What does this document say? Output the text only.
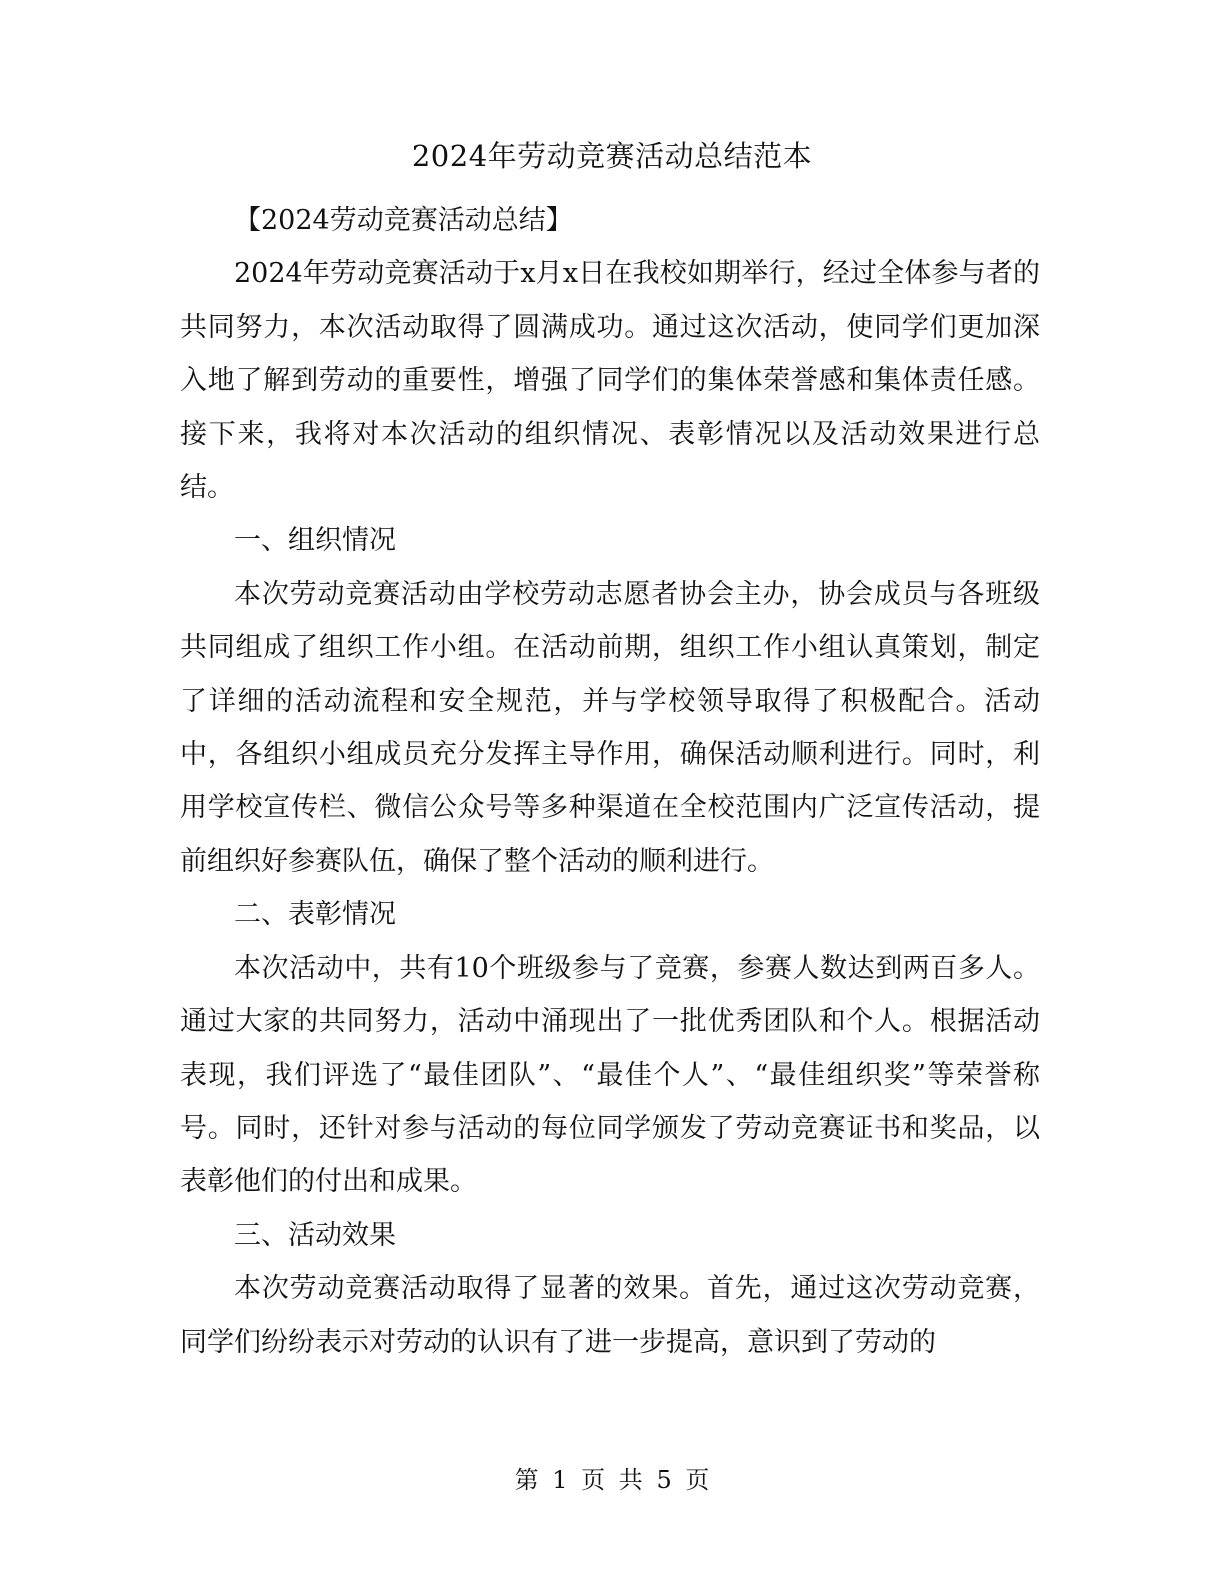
2024年劳动竞赛活动总结范本

【2024劳动竞赛活动总结】

2024年劳动竞赛活动于x月x日在我校如期举行，经过全体参与者的共同努力，本次活动取得了圆满成功。通过这次活动，使同学们更加深入地了解到劳动的重要性，增强了同学们的集体荣誉感和集体责任感。接下来，我将对本次活动的组织情况、表彰情况以及活动效果进行总结。

一、组织情况

本次劳动竞赛活动由学校劳动志愿者协会主办，协会成员与各班级共同组成了组织工作小组。在活动前期，组织工作小组认真策划，制定了详细的活动流程和安全规范，并与学校领导取得了积极配合。活动中，各组织小组成员充分发挥主导作用，确保活动顺利进行。同时，利用学校宣传栏、微信公众号等多种渠道在全校范围内广泛宣传活动，提前组织好参赛队伍，确保了整个活动的顺利进行。

二、表彰情况

本次活动中，共有10个班级参与了竞赛，参赛人数达到两百多人。通过大家的共同努力，活动中涌现出了一批优秀团队和个人。根据活动表现，我们评选了“最佳团队”、“最佳个人”、“最佳组织奖”等荣誉称号。同时，还针对参与活动的每位同学颁发了劳动竞赛证书和奖品，以表彰他们的付出和成果。

三、活动效果

本次劳动竞赛活动取得了显著的效果。首先，通过这次劳动竞赛，同学们纷纷表示对劳动的认识有了进一步提高，意识到了劳动的

第 1 页 共 5 页
